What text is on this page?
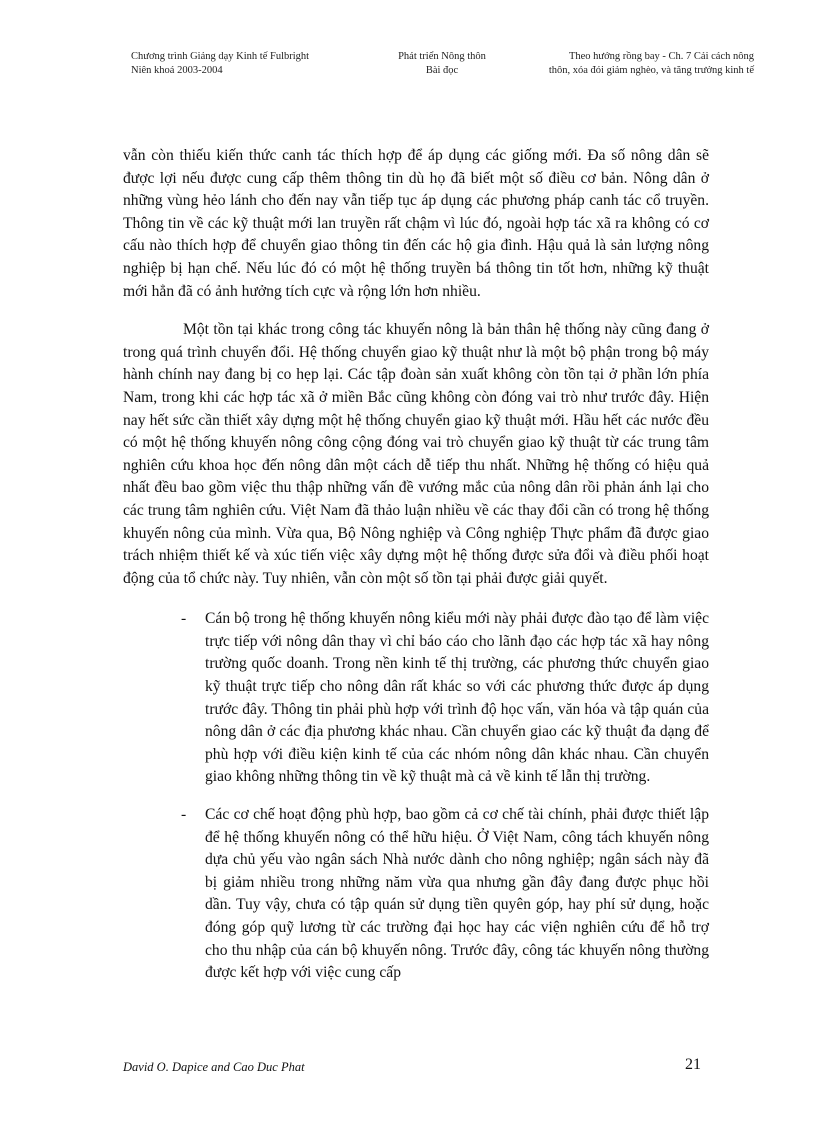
Chương trình Giảng dạy Kinh tế Fulbright
Niên khoá 2003-2004
Phát triển Nông thôn
Bài đọc
Theo hướng rồng bay - Ch. 7 Cải cách nông
thôn, xóa đói giảm nghèo, và tăng trưởng kinh tế

vẫn còn thiếu kiến thức canh tác thích hợp để áp dụng các giống mới. Đa số nông dân sẽ được lợi nếu được cung cấp thêm thông tin dù họ đã biết một số điều cơ bản. Nông dân ở những vùng hẻo lánh cho đến nay vẫn tiếp tục áp dụng các phương pháp canh tác cổ truyền. Thông tin về các kỹ thuật mới lan truyền rất chậm vì lúc đó, ngoài hợp tác xã ra không có cơ cấu nào thích hợp để chuyển giao thông tin đến các hộ gia đình. Hậu quả là sản lượng nông nghiệp bị hạn chế. Nếu lúc đó có một hệ thống truyền bá thông tin tốt hơn, những kỹ thuật mới hẳn đã có ảnh hưởng tích cực và rộng lớn hơn nhiều.

Một tồn tại khác trong công tác khuyến nông là bản thân hệ thống này cũng đang ở trong quá trình chuyển đổi. Hệ thống chuyển giao kỹ thuật như là một bộ phận trong bộ máy hành chính nay đang bị co hẹp lại. Các tập đoàn sản xuất không còn tồn tại ở phần lớn phía Nam, trong khi các hợp tác xã ở miền Bắc cũng không còn đóng vai trò như trước đây. Hiện nay hết sức cần thiết xây dựng một hệ thống chuyển giao kỹ thuật mới. Hầu hết các nước đều có một hệ thống khuyến nông công cộng đóng vai trò chuyển giao kỹ thuật từ các trung tâm nghiên cứu khoa học đến nông dân một cách dễ tiếp thu nhất. Những hệ thống có hiệu quả nhất đều bao gồm việc thu thập những vấn đề vướng mắc của nông dân rồi phản ánh lại cho các trung tâm nghiên cứu. Việt Nam đã thảo luận nhiều về các thay đổi cần có trong hệ thống khuyến nông của mình. Vừa qua, Bộ Nông nghiệp và Công nghiệp Thực phẩm đã được giao trách nhiệm thiết kế và xúc tiến việc xây dựng một hệ thống được sửa đổi và điều phối hoạt động của tổ chức này. Tuy nhiên, vẫn còn một số tồn tại phải được giải quyết.

- Cán bộ trong hệ thống khuyến nông kiểu mới này phải được đào tạo để làm việc trực tiếp với nông dân thay vì chỉ báo cáo cho lãnh đạo các hợp tác xã hay nông trường quốc doanh. Trong nền kinh tế thị trường, các phương thức chuyển giao kỹ thuật trực tiếp cho nông dân rất khác so với các phương thức được áp dụng trước đây. Thông tin phải phù hợp với trình độ học vấn, văn hóa và tập quán của nông dân ở các địa phương khác nhau. Cần chuyển giao các kỹ thuật đa dạng để phù hợp với điều kiện kinh tế của các nhóm nông dân khác nhau. Cần chuyển giao không những thông tin về kỹ thuật mà cả về kinh tế lẫn thị trường.
- Các cơ chế hoạt động phù hợp, bao gồm cả cơ chế tài chính, phải được thiết lập để hệ thống khuyến nông có thể hữu hiệu. Ở Việt Nam, công tách khuyến nông dựa chủ yếu vào ngân sách Nhà nước dành cho nông nghiệp; ngân sách này đã bị giảm nhiều trong những năm vừa qua nhưng gần đây đang được phục hồi dần. Tuy vậy, chưa có tập quán sử dụng tiền quyên góp, hay phí sử dụng, hoặc đóng góp quỹ lương từ các trường đại học hay các viện nghiên cứu để hỗ trợ cho thu nhập của cán bộ khuyến nông. Trước đây, công tác khuyến nông thường được kết hợp với việc cung cấp
David O. Dapice and Cao Duc Phat	21
